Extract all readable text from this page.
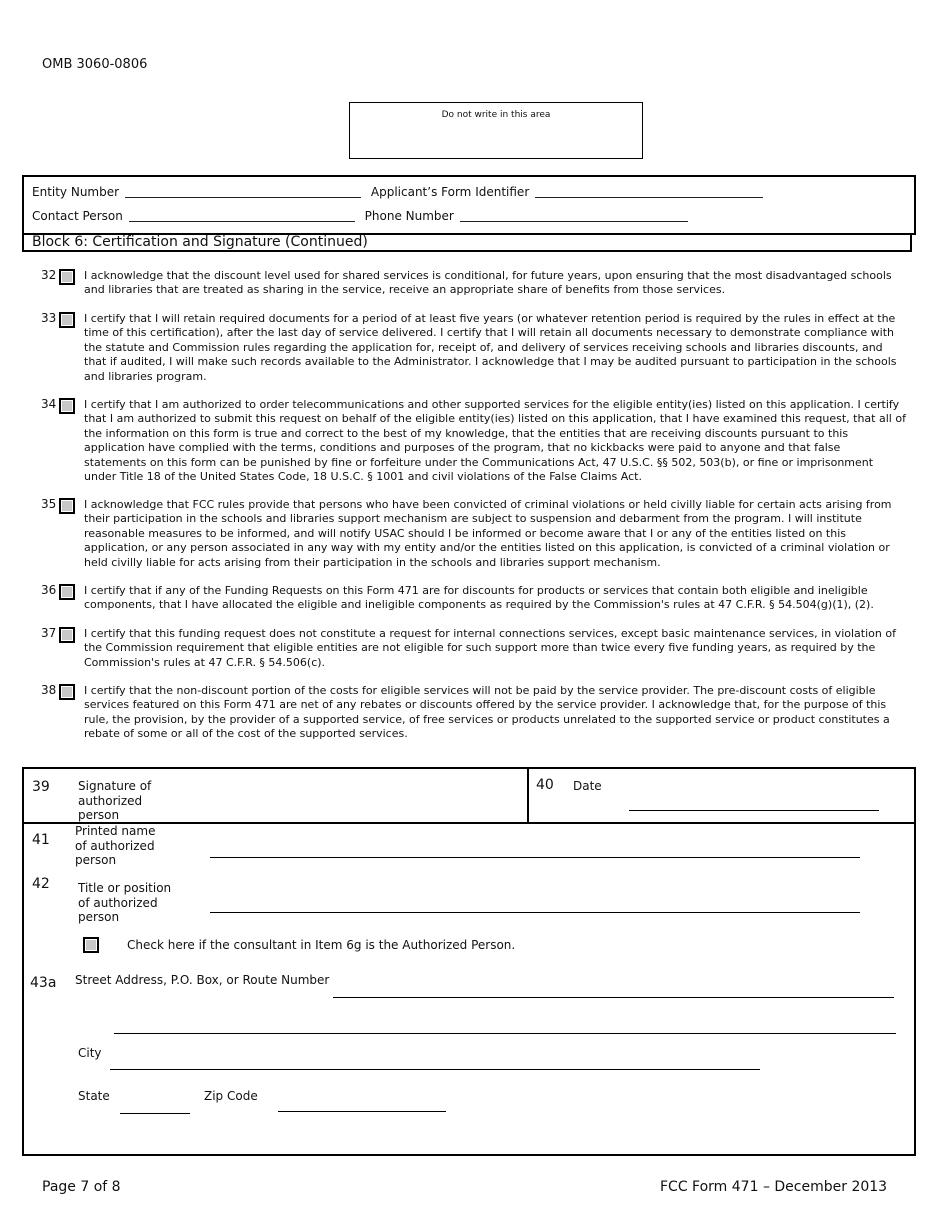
OMB 3060-0806
Do not write in this area
Entity Number	Applicant’s Form Identifier
Contact Person	Phone Number
Block 6: Certification and Signature (Continued)
32	I acknowledge that the discount level used for shared services is conditional, for future years, upon ensuring that the most disadvantaged schools and libraries that are treated as sharing in the service, receive an appropriate share of benefits from those services.
33	I certify that I will retain required documents for a period of at least five years (or whatever retention period is required by the rules in effect at the time of this certification), after the last day of service delivered. I certify that I will retain all documents necessary to demonstrate compliance with the statute and Commission rules regarding the application for, receipt of, and delivery of services receiving schools and libraries discounts, and that if audited, I will make such records available to the Administrator. I acknowledge that I may be audited pursuant to participation in the schools and libraries program.
34	I certify that I am authorized to order telecommunications and other supported services for the eligible entity(ies) listed on this application. I certify that I am authorized to submit this request on behalf of the eligible entity(ies) listed on this application, that I have examined this request, that all of the information on this form is true and correct to the best of my knowledge, that the entities that are receiving discounts pursuant to this application have complied with the terms, conditions and purposes of the program, that no kickbacks were paid to anyone and that false statements on this form can be punished by fine or forfeiture under the Communications Act, 47 U.S.C. §§ 502, 503(b), or fine or imprisonment under Title 18 of the United States Code, 18 U.S.C. § 1001 and civil violations of the False Claims Act.
35	I acknowledge that FCC rules provide that persons who have been convicted of criminal violations or held civilly liable for certain acts arising from their participation in the schools and libraries support mechanism are subject to suspension and debarment from the program. I will institute reasonable measures to be informed, and will notify USAC should I be informed or become aware that I or any of the entities listed on this application, or any person associated in any way with my entity and/or the entities listed on this application, is convicted of a criminal violation or held civilly liable for acts arising from their participation in the schools and libraries support mechanism.
36	I certify that if any of the Funding Requests on this Form 471 are for discounts for products or services that contain both eligible and ineligible components, that I have allocated the eligible and ineligible components as required by the Commission's rules at 47 C.F.R. § 54.504(g)(1), (2).
37	I certify that this funding request does not constitute a request for internal connections services, except basic maintenance services, in violation of the Commission requirement that eligible entities are not eligible for such support more than twice every five funding years, as required by the Commission's rules at 47 C.F.R. § 54.506(c).
38	I certify that the non-discount portion of the costs for eligible services will not be paid by the service provider. The pre-discount costs of eligible services featured on this Form 471 are net of any rebates or discounts offered by the service provider. I acknowledge that, for the purpose of this rule, the provision, by the provider of a supported service, of free services or products unrelated to the supported service or product constitutes a rebate of some or all of the cost of the supported services.
39 Signature of authorized person
40 Date
41
Printed name of authorized person
42 Title or position of authorized person
Check here if the consultant in Item 6g is the Authorized Person.
43a Street Address, P.O. Box, or Route Number
City
State	Zip Code
Page 7 of 8	FCC Form 471 – December 2013
